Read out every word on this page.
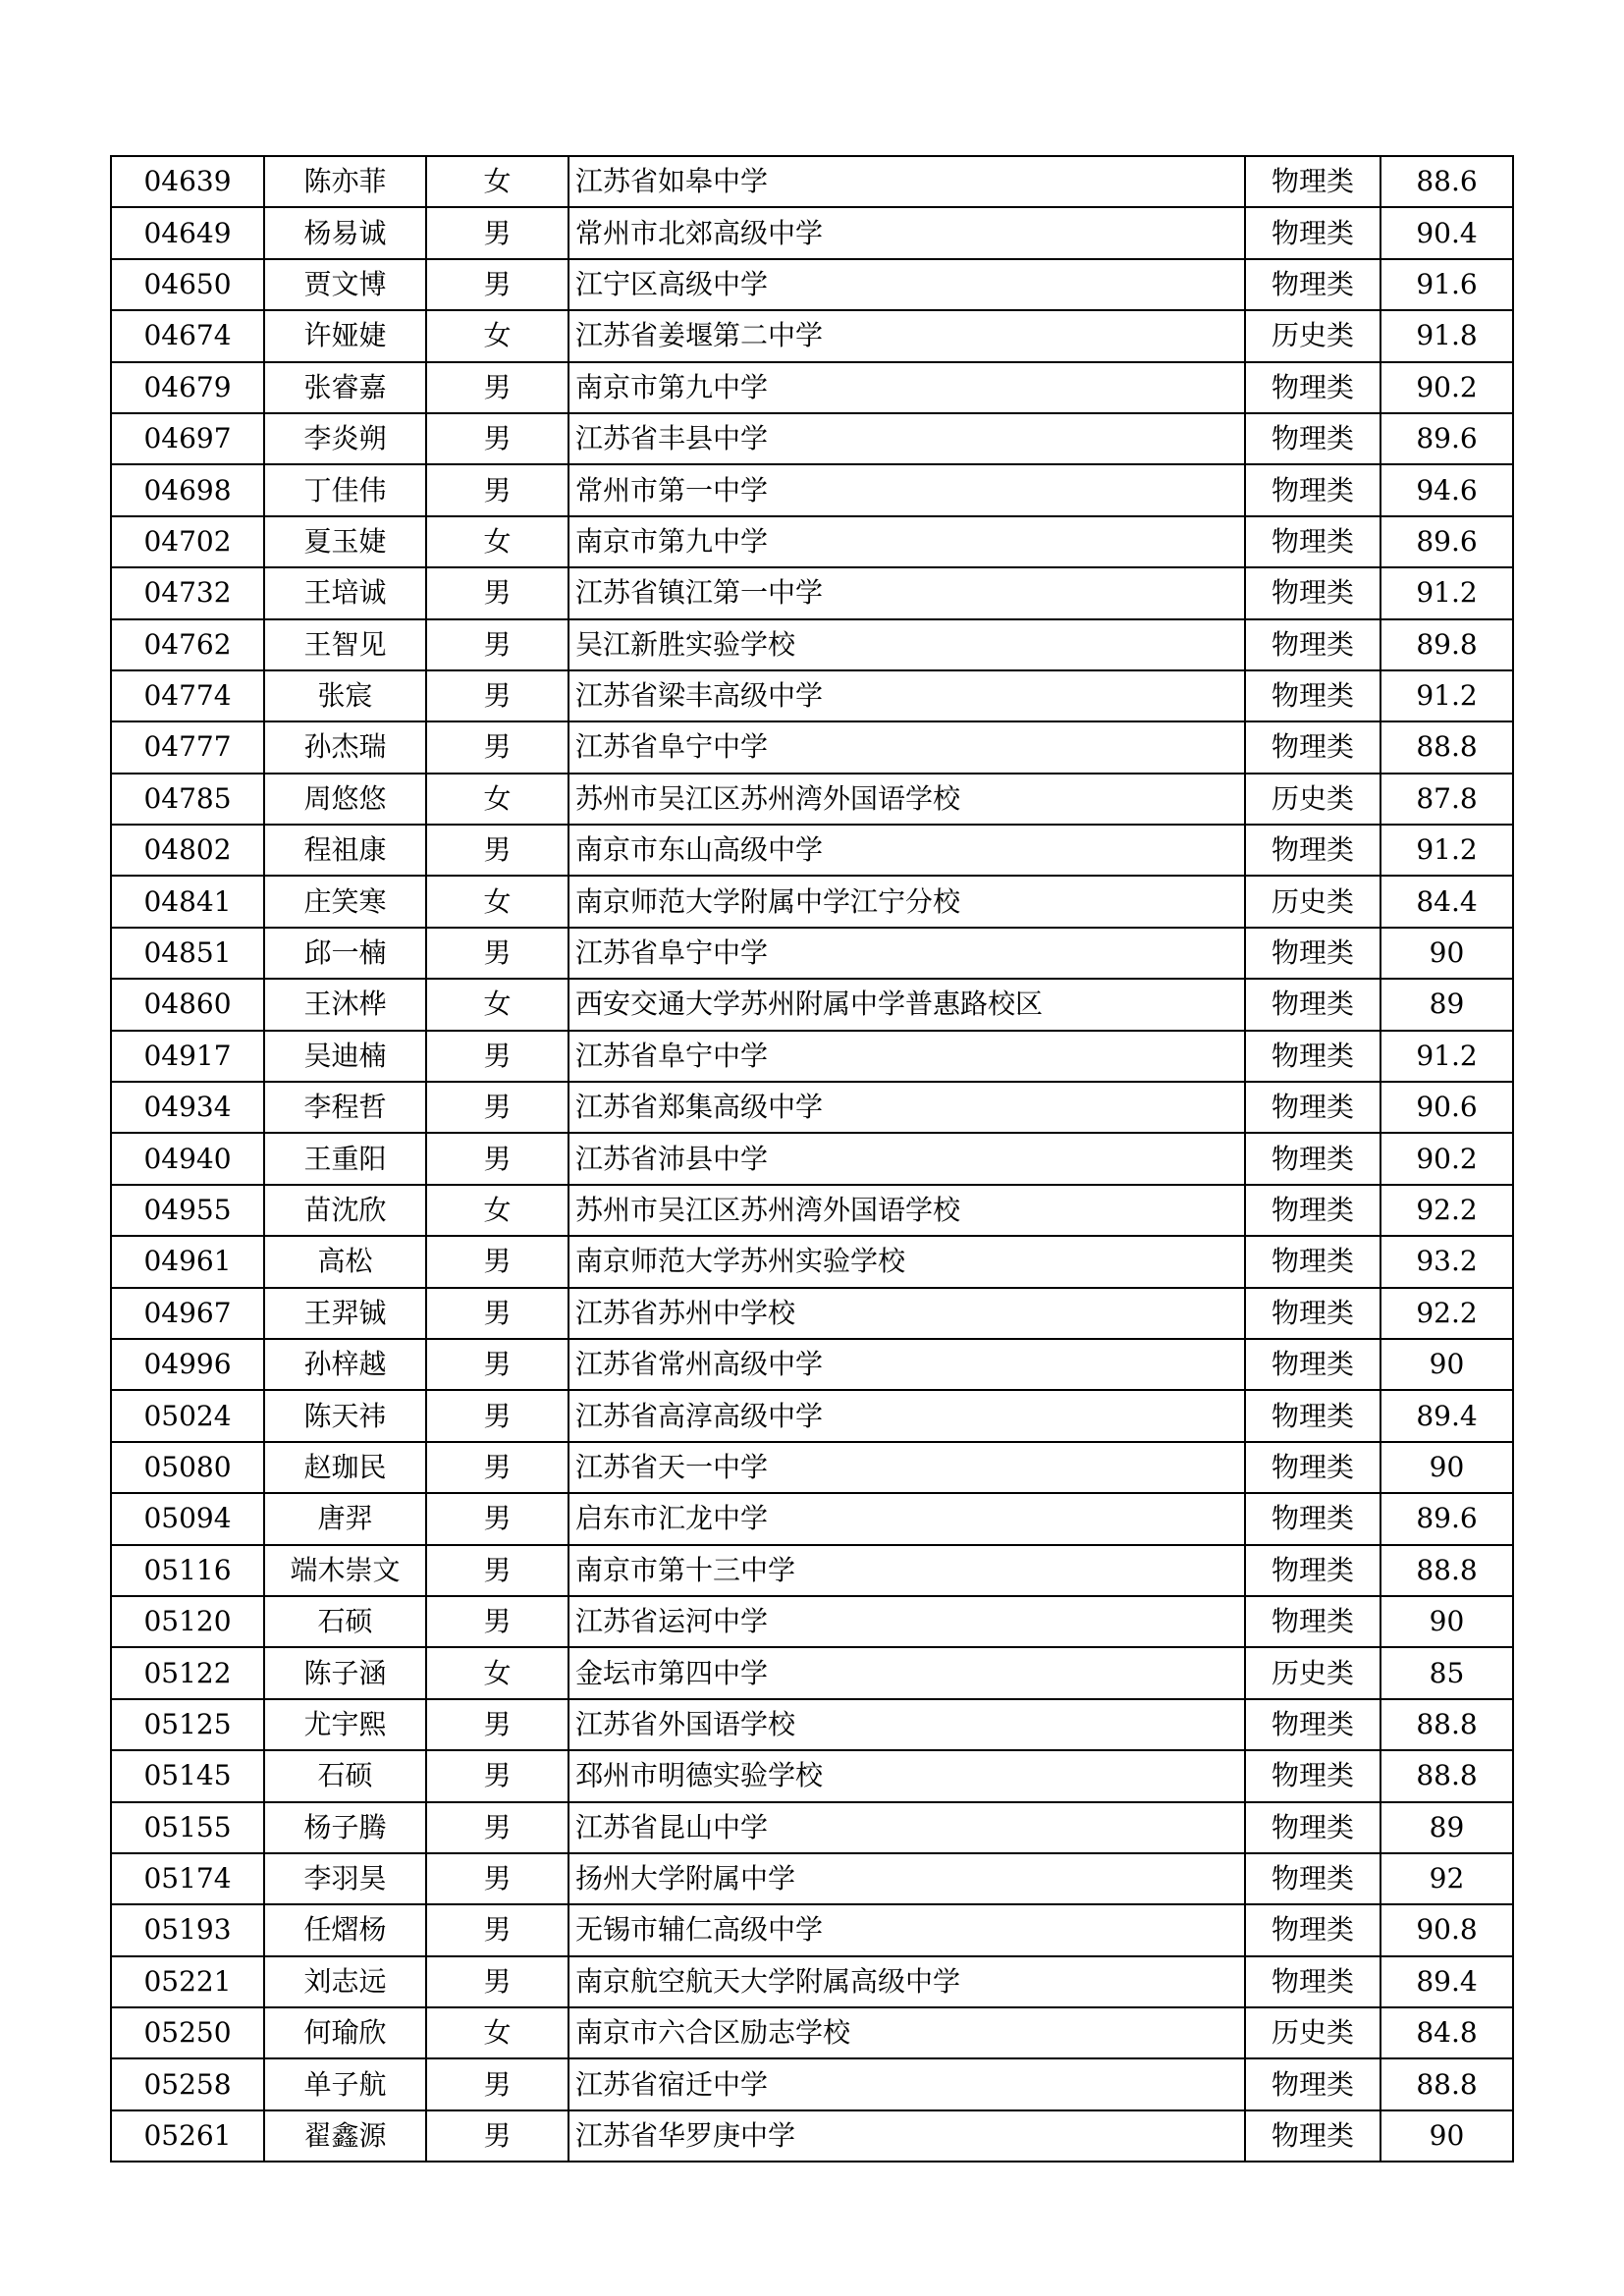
04639	陈亦菲	女	江苏省如皋中学	物理类	88.6
04649	杨易诚	男	常州市北郊高级中学	物理类	90.4
04650	贾文博	男	江宁区高级中学	物理类	91.6
04674	许娅婕	女	江苏省姜堰第二中学	历史类	91.8
04679	张睿嘉	男	南京市第九中学	物理类	90.2
04697	李炎朔	男	江苏省丰县中学	物理类	89.6
04698	丁佳伟	男	常州市第一中学	物理类	94.6
04702	夏玉婕	女	南京市第九中学	物理类	89.6
04732	王培诚	男	江苏省镇江第一中学	物理类	91.2
04762	王智见	男	吴江新胜实验学校	物理类	89.8
04774	张宸	男	江苏省梁丰高级中学	物理类	91.2
04777	孙杰瑞	男	江苏省阜宁中学	物理类	88.8
04785	周悠悠	女	苏州市吴江区苏州湾外国语学校	历史类	87.8
04802	程祖康	男	南京市东山高级中学	物理类	91.2
04841	庄笑寒	女	南京师范大学附属中学江宁分校	历史类	84.4
04851	邱一楠	男	江苏省阜宁中学	物理类	90
04860	王沐桦	女	西安交通大学苏州附属中学普惠路校区	物理类	89
04917	吴迪楠	男	江苏省阜宁中学	物理类	91.2
04934	李程哲	男	江苏省郑集高级中学	物理类	90.6
04940	王重阳	男	江苏省沛县中学	物理类	90.2
04955	苗沈欣	女	苏州市吴江区苏州湾外国语学校	物理类	92.2
04961	高松	男	南京师范大学苏州实验学校	物理类	93.2
04967	王羿铖	男	江苏省苏州中学校	物理类	92.2
04996	孙梓越	男	江苏省常州高级中学	物理类	90
05024	陈天祎	男	江苏省高淳高级中学	物理类	89.4
05080	赵珈民	男	江苏省天一中学	物理类	90
05094	唐羿	男	启东市汇龙中学	物理类	89.6
05116	端木崇文	男	南京市第十三中学	物理类	88.8
05120	石硕	男	江苏省运河中学	物理类	90
05122	陈子涵	女	金坛市第四中学	历史类	85
05125	尤宇熙	男	江苏省外国语学校	物理类	88.8
05145	石硕	男	邳州市明德实验学校	物理类	88.8
05155	杨子腾	男	江苏省昆山中学	物理类	89
05174	李羽昊	男	扬州大学附属中学	物理类	92
05193	任熠杨	男	无锡市辅仁高级中学	物理类	90.8
05221	刘志远	男	南京航空航天大学附属高级中学	物理类	89.4
05250	何瑜欣	女	南京市六合区励志学校	历史类	84.8
05258	单子航	男	江苏省宿迁中学	物理类	88.8
05261	翟鑫源	男	江苏省华罗庚中学	物理类	90
